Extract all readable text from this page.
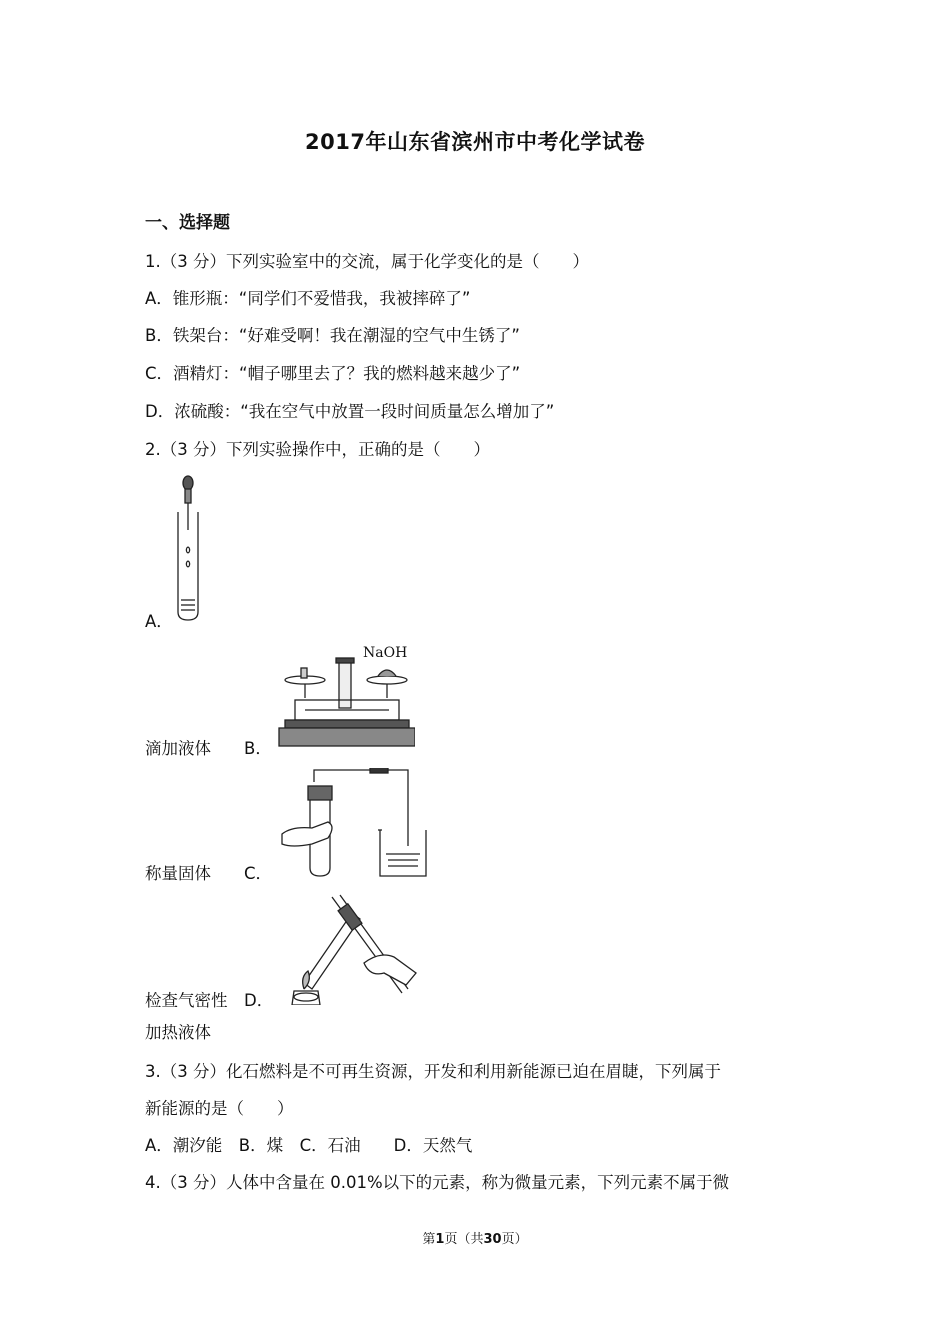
2017年山东省滨州市中考化学试卷
一、选择题
1.（3 分）下列实验室中的交流，属于化学变化的是（　　）
A．锥形瓶：“同学们不爱惜我，我被摔碎了”
B．铁架台：“好难受啊！我在潮湿的空气中生锈了”
C．酒精灯：“帽子哪里去了？我的燃料越来越少了”
D．浓硫酸：“我在空气中放置一段时间质量怎么增加了”
2.（3 分）下列实验操作中，正确的是（　　）
A．
NaOH
滴加液体 B．
称量固体 C．
检查气密性 D．
加热液体
3.（3 分）化石燃料是不可再生资源，开发和利用新能源已迫在眉睫，下列属于
新能源的是（　　）
A．潮汐能　B．煤　C．石油　　D．天然气
4.（3 分）人体中含量在 0.01%以下的元素，称为微量元素，下列元素不属于微
第1页（共30页）
